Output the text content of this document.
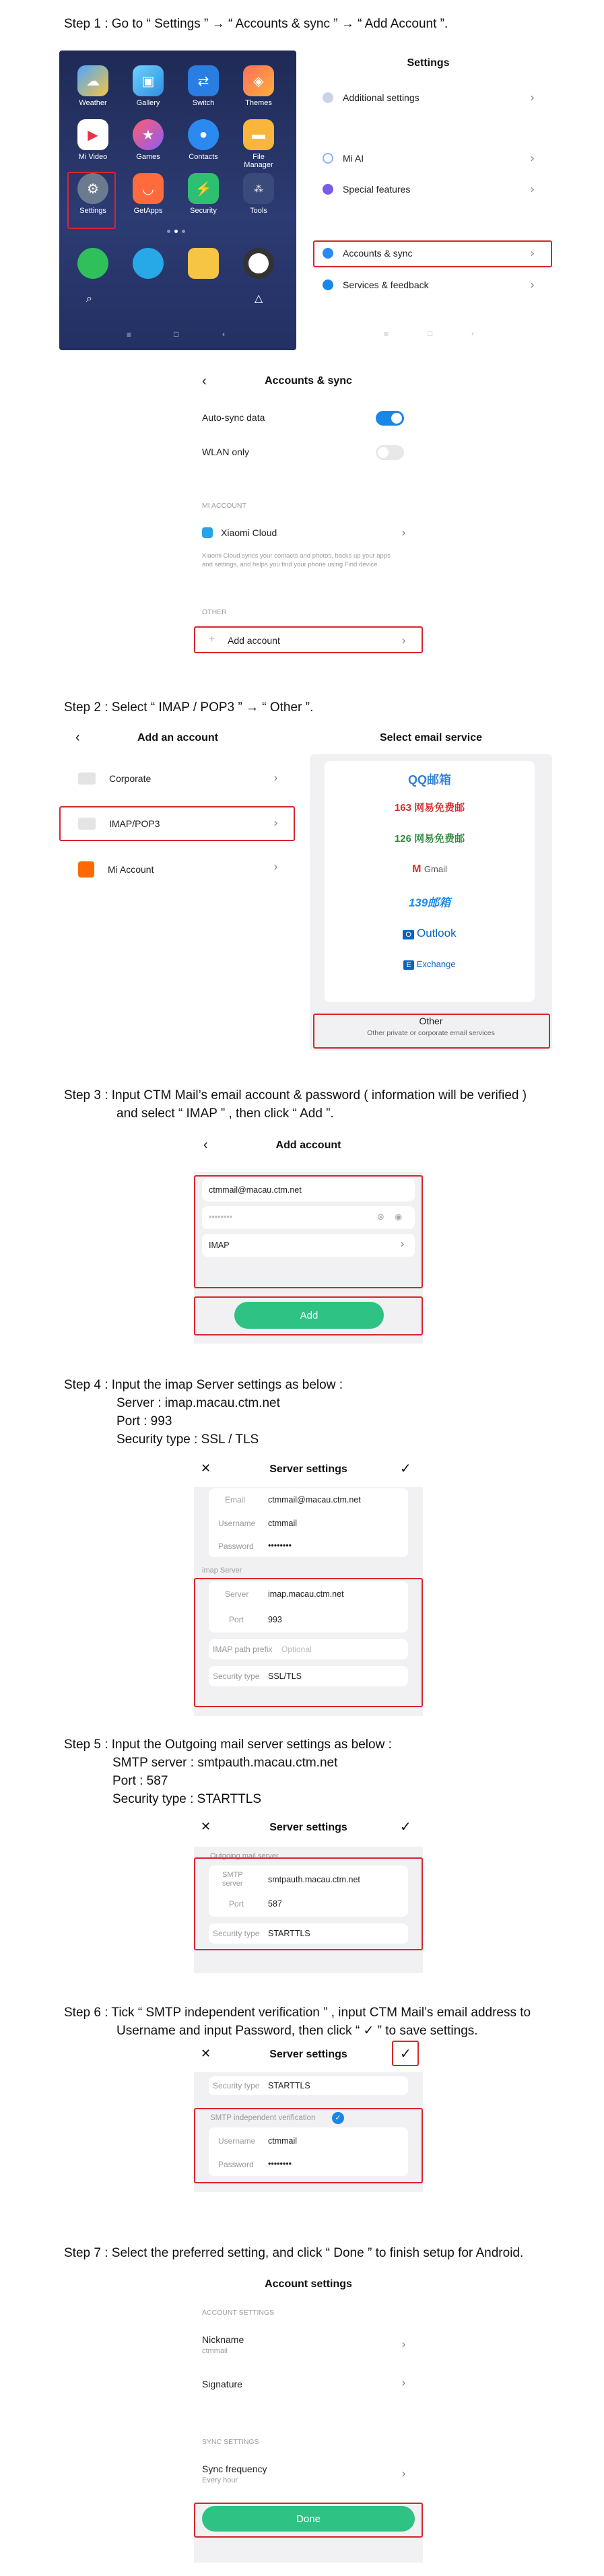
Step 1 : Go to “ Settings ” → “ Accounts & sync ” → “ Add Account ”.
☁
Weather
▣
Gallery
⇄
Switch
◈
Themes
▶
Mi Video
★
Games
●
Contacts
▬
File Manager
⚙
Settings
◡
GetApps
⚡
Security
⁂
Tools
⌕	△
≡	□	‹
Settings
Additional settings	›
Mi AI	›
Special features	›
Accounts & sync	›
Services & feedback	›
≡	□	‹
‹	Accounts & sync
Auto-sync data
WLAN only
MI ACCOUNT
Xiaomi Cloud	›
Xiaomi Cloud syncs your contacts and photos, backs up your apps and settings, and helps you find your phone using Find device.
OTHER
Add account
+	›
Step 2 : Select “ IMAP / POP3 ” → “ Other ”.
‹	Add an account
Corporate	›
IMAP/POP3	›
Mi Account	›
Select email service
QQ邮箱
163 网易免费邮
126 网易免费邮
M Gmail
139邮箱
O Outlook
E Exchange
Other
Other private or corporate email services
Step 3 : Input CTM Mail’s email account & password ( information will be verified )
and select “ IMAP ” , then click “ Add ”.
‹	Add account
ctmmail@macau.ctm.net
••••••••	⊗ ◉
IMAP	›
Add
Step 4 : Input the imap Server settings as below :
Server : imap.macau.ctm.net
Port : 993
Security type : SSL / TLS
✕	Server settings	✓
Email	ctmmail@macau.ctm.net
Username ctmmail
Password ••••••••
imap Server
Server imap.macau.ctm.net
Port	993
IMAP path prefix Optional
Security type SSL/TLS
Step 5 : Input the Outgoing mail server settings as below :
SMTP server : smtpauth.macau.ctm.net
Port : 587
Security type : STARTTLS
✕	Server settings	✓
Outgoing mail server
SMTP server	smtpauth.macau.ctm.net
Port	587
Security type STARTTLS
Step 6 : Tick “ SMTP independent verification ” , input CTM Mail’s email address to
Username and input Password, then click “ ✓ ” to save settings.
✕	Server settings	✓
Security type STARTTLS
SMTP independent verification	✓
Username ctmmail
Password ••••••••
Step 7 : Select the preferred setting, and click “ Done ” to finish setup for Android.
Account settings
ACCOUNT SETTINGS
Nickname
ctmmail	›
Signature	›
SYNC SETTINGS
Sync frequency
Every hour	›
Done
